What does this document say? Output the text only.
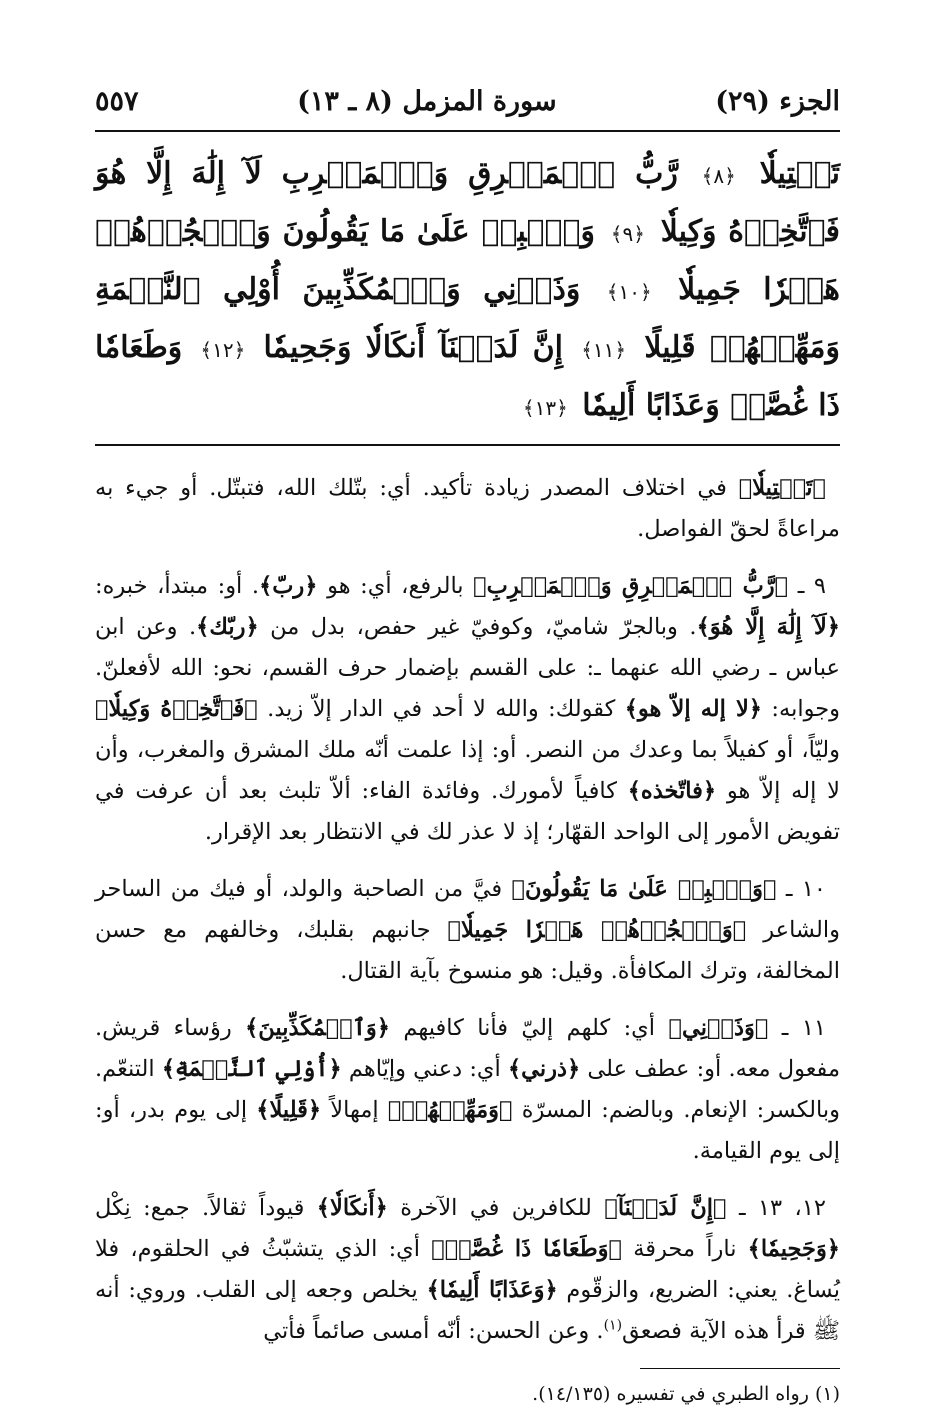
الجزء (٢٩)
سورة المزمل (٨ ـ ١٣)
٥٥٧
تَبۡتِيلٗا ﴿٨﴾ رَّبُّ ٱلۡمَشۡرِقِ وَٱلۡمَغۡرِبِ لَآ إِلَٰهَ إِلَّا هُوَ فَٱتَّخِذۡهُ وَكِيلٗا ﴿٩﴾ وَٱصۡبِرۡ عَلَىٰ مَا يَقُولُونَ وَٱهۡجُرۡهُمۡ هَجۡرٗا جَمِيلٗا ﴿١٠﴾ وَذَرۡنِي وَٱلۡمُكَذِّبِينَ أُوْلِي ٱلنَّعۡمَةِ وَمَهِّلۡهُمۡ قَلِيلًا ﴿١١﴾ إِنَّ لَدَيۡنَآ أَنكَالٗا وَجَحِيمٗا ﴿١٢﴾ وَطَعَامٗا ذَا غُصَّةٖ وَعَذَابًا أَلِيمٗا ﴿١٣﴾

﴿تَبۡتِيلٗا﴾ في اختلاف المصدر زيادة تأكيد. أي: بتّلك الله، فتبتّل. أو جيء به مراعاةً لحقّ الفواصل.

٩ ـ ﴿رَّبُّ ٱلۡمَشۡرِقِ وَٱلۡمَغۡرِبِ﴾ بالرفع، أي: هو ﴿ربّ﴾. أو: مبتدأ، خبره: ﴿لَآ إِلَٰهَ إِلَّا هُوَ﴾. وبالجرّ شاميّ، وكوفيّ غير حفص، بدل من ﴿ربّك﴾. وعن ابن عباس ـ رضي الله عنهما ـ: على القسم بإضمار حرف القسم، نحو: الله لأفعلنّ. وجوابه: ﴿لا إله إلاّ هو﴾ كقولك: والله لا أحد في الدار إلاّ زيد. ﴿فَٱتَّخِذۡهُ وَكِيلٗا﴾ وليّاً، أو كفيلاً بما وعدك من النصر. أو: إذا علمت أنّه ملك المشرق والمغرب، وأن لا إله إلاّ هو ﴿فاتّخذه﴾ كافياً لأمورك. وفائدة الفاء: ألاّ تلبث بعد أن عرفت في تفويض الأمور إلى الواحد القهّار؛ إذ لا عذر لك في الانتظار بعد الإقرار.

١٠ ـ ﴿وَٱصۡبِرۡ عَلَىٰ مَا يَقُولُونَ﴾ فيَّ من الصاحبة والولد، أو فيك من الساحر والشاعر ﴿وَٱهۡجُرۡهُمۡ هَجۡرٗا جَمِيلٗا﴾ جانبهم بقلبك، وخالفهم مع حسن المخالفة، وترك المكافأة. وقيل: هو منسوخ بآية القتال.

١١ ـ ﴿وَذَرۡنِي﴾ أي: كلهم إليّ فأنا كافيهم ﴿وَٱلۡمُكَذِّبِينَ﴾ رؤساء قريش. مفعول معه. أو: عطف على ﴿ذرني﴾ أي: دعني وإيّاهم ﴿أُوْلِي ٱلنَّعۡمَةِ﴾ التنعّم. وبالكسر: الإنعام. وبالضم: المسرّة ﴿وَمَهِّلۡهُمۡ﴾ إمهالاً ﴿قَلِيلًا﴾ إلى يوم بدر، أو: إلى يوم القيامة.

١٢، ١٣ ـ ﴿إِنَّ لَدَيۡنَآ﴾ للكافرين في الآخرة ﴿أَنكَالٗا﴾ قيوداً ثقالاً. جمع: نِكْل ﴿وَجَحِيمٗا﴾ ناراً محرقة ﴿وَطَعَامٗا ذَا غُصَّةٖ﴾ أي: الذي يتشبّثُ في الحلقوم، فلا يُساغ. يعني: الضريع، والزقّوم ﴿وَعَذَابًا أَلِيمٗا﴾ يخلص وجعه إلى القلب. وروي: أنه ﷺ قرأ هذه الآية فصعق$^{(١)}$. وعن الحسن: أنّه أمسى صائماً فأتي

(١) رواه الطبري في تفسيره (١٤/١٣٥).
